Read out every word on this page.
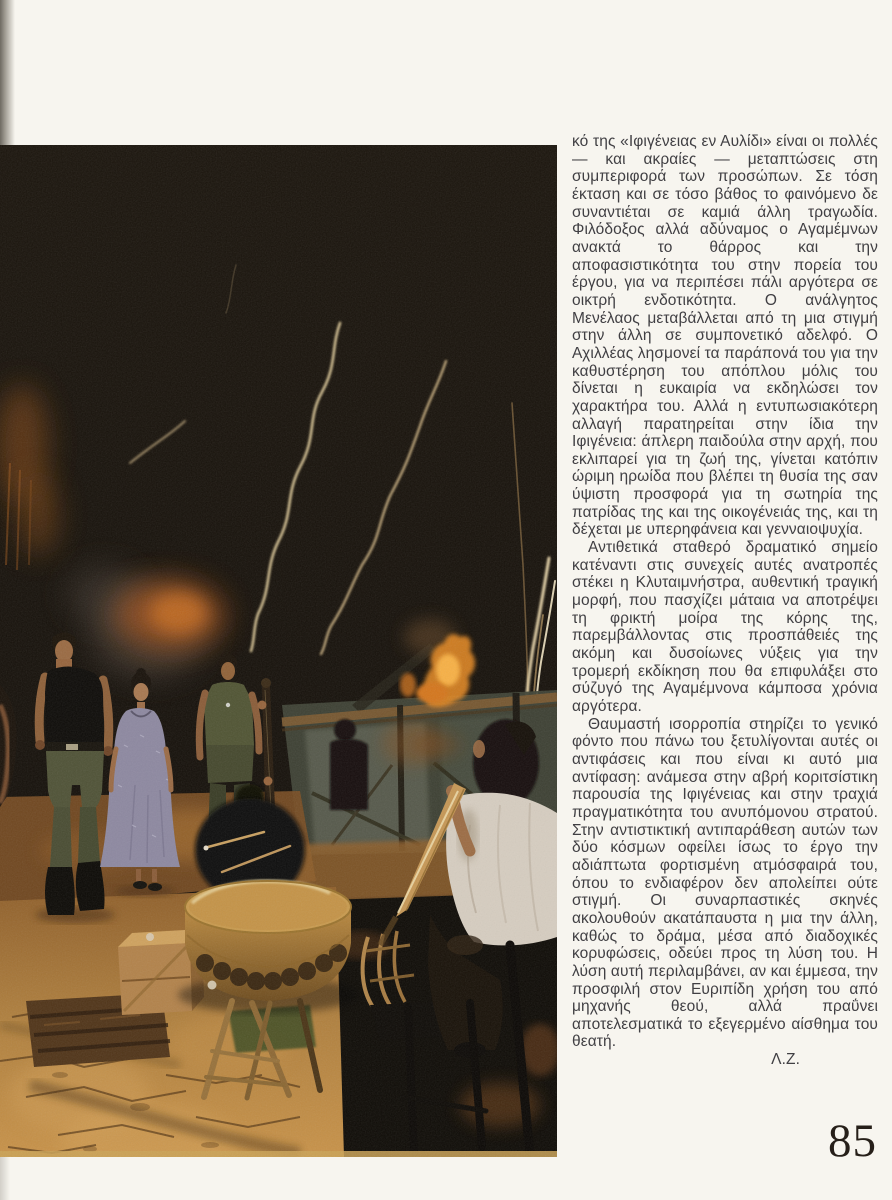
κό της «Ιφιγένειας εν Αυλίδι» είναι οι πολλές — και ακραίες — μεταπτώσεις στη συμπεριφορά των προσώπων. Σε τόση έκταση και σε τόσο βάθος το φαινόμενο δε συναντιέται σε καμιά άλλη τραγωδία. Φιλόδοξος αλλά αδύναμος ο Αγαμέμνων ανακτά το θάρρος και την αποφασιστικότητα του στην πορεία του έργου, για να περιπέσει πάλι αργότερα σε οικτρή ενδοτικότητα. Ο ανάλγητος Μενέλαος μεταβάλλεται από τη μια στιγμή στην άλλη σε συμπονετικό αδελφό. Ο Αχιλλέας λησμονεί τα παράπονά του για την καθυστέρηση του απόπλου μόλις του δίνεται η ευκαιρία να εκδηλώσει τον χαρακτήρα του. Αλλά η εντυπωσιακότερη αλλαγή παρατηρείται στην ίδια την Ιφιγένεια: άπλερη παιδούλα στην αρχή, που εκλιπαρεί για τη ζωή της, γίνεται κατόπιν ώριμη ηρωίδα που βλέπει τη θυσία της σαν ύψιστη προσφορά για τη σωτηρία της πατρίδας της και της οικογένειάς της, και τη δέχεται με υπερηφάνεια και γενναιοψυχία.

Αντιθετικά σταθερό δραματικό σημείο κατέναντι στις συνεχείς αυτές ανατροπές στέκει η Κλυταιμνήστρα, αυθεντική τραγική μορφή, που πασχίζει μάταια να αποτρέψει τη φρικτή μοίρα της κόρης της, παρεμβάλλοντας στις προσπάθειές της ακόμη και δυσοίωνες νύξεις για την τρομερή εκδίκηση που θα επιφυλάξει στο σύζυγό της Αγαμέμνονα κάμποσα χρόνια αργότερα.

Θαυμαστή ισορροπία στηρίζει το γενικό φόντο που πάνω του ξετυλίγονται αυτές οι αντιφάσεις και που είναι κι αυτό μια αντίφαση: ανάμεσα στην αβρή κοριτσίστικη παρουσία της Ιφιγένειας και στην τραχιά πραγματικότητα του ανυπόμονου στρατού. Στην αντιστικτική αντιπαράθεση αυτών των δύο κόσμων οφείλει ίσως το έργο την αδιάπτωτα φορτισμένη ατμόσφαιρά του, όπου το ενδιαφέρον δεν απολείπει ούτε στιγμή. Οι συναρπαστικές σκηνές ακολουθούν ακατάπαυστα η μια την άλλη, καθώς το δράμα, μέσα από διαδοχικές κορυφώσεις, οδεύει προς τη λύση του. Η λύση αυτή περιλαμβάνει, αν και έμμεσα, την προσφιλή στον Ευριπίδη χρήση του από μηχανής θεού, αλλά πραΰνει αποτελεσματικά το εξεγερμένο αίσθημα του θεατή.

Λ.Ζ.

85
